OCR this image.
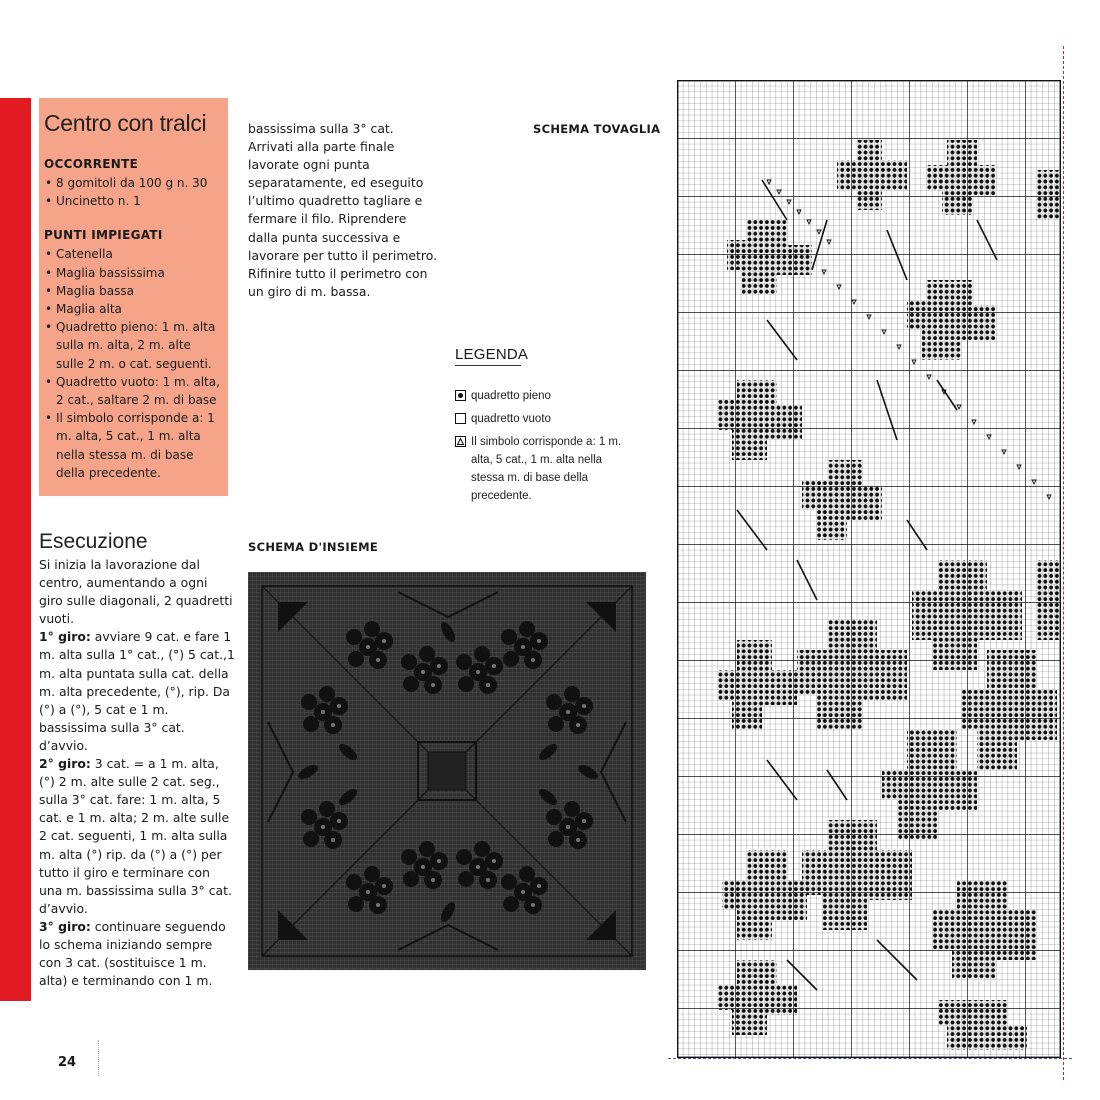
Centro con tralci
OCCORRENTE
• 8 gomitoli da 100 g n. 30
• Uncinetto n. 1
PUNTI IMPIEGATI
• Catenella
• Maglia bassissima
• Maglia bassa
• Maglia alta
• Quadretto pieno: 1 m. alta sulla m. alta, 2 m. alte sulle 2 m. o cat. seguenti.
• Quadretto vuoto: 1 m. alta, 2 cat., saltare 2 m. di base
• Il simbolo corrisponde a: 1 m. alta, 5 cat., 1 m. alta nella stessa m. di base della precedente.
Esecuzione
Si inizia la lavorazione dal centro, aumentando a ogni giro sulle diagonali, 2 quadretti vuoti.
1° giro: avviare 9 cat. e fare 1 m. alta sulla 1° cat., (°) 5 cat.,1 m. alta puntata sulla cat. della m. alta precedente, (°), rip. Da (°) a (°), 5 cat e 1 m. bassissima sulla 3° cat. d’avvio.
2° giro: 3 cat. = a 1 m. alta, (°) 2 m. alte sulle 2 cat. seg., sulla 3° cat. fare: 1 m. alta, 5 cat. e 1 m. alta; 2 m. alte sulle 2 cat. seguenti, 1 m. alta sulla m. alta (°) rip. da (°) a (°) per tutto il giro e terminare con una m. bassissima sulla 3° cat. d’avvio.
3° giro: continuare seguendo lo schema iniziando sempre con 3 cat. (sostituisce 1 m. alta) e terminando con 1 m.

bassissima sulla 3° cat. Arrivati alla parte finale lavorate ogni punta separatamente, ed eseguito l’ultimo quadretto tagliare e fermare il filo. Riprendere dalla punta successiva e lavorare per tutto il perimetro. Rifinire tutto il perimetro con un giro di m. bassa.

SCHEMA TOVAGLIA
LEGENDA
quadretto pieno
quadretto vuoto
Il simbolo corrisponde a: 1 m. alta, 5 cat., 1 m. alta nella stessa m. di base della precedente.
SCHEMA D'INSIEME
24
